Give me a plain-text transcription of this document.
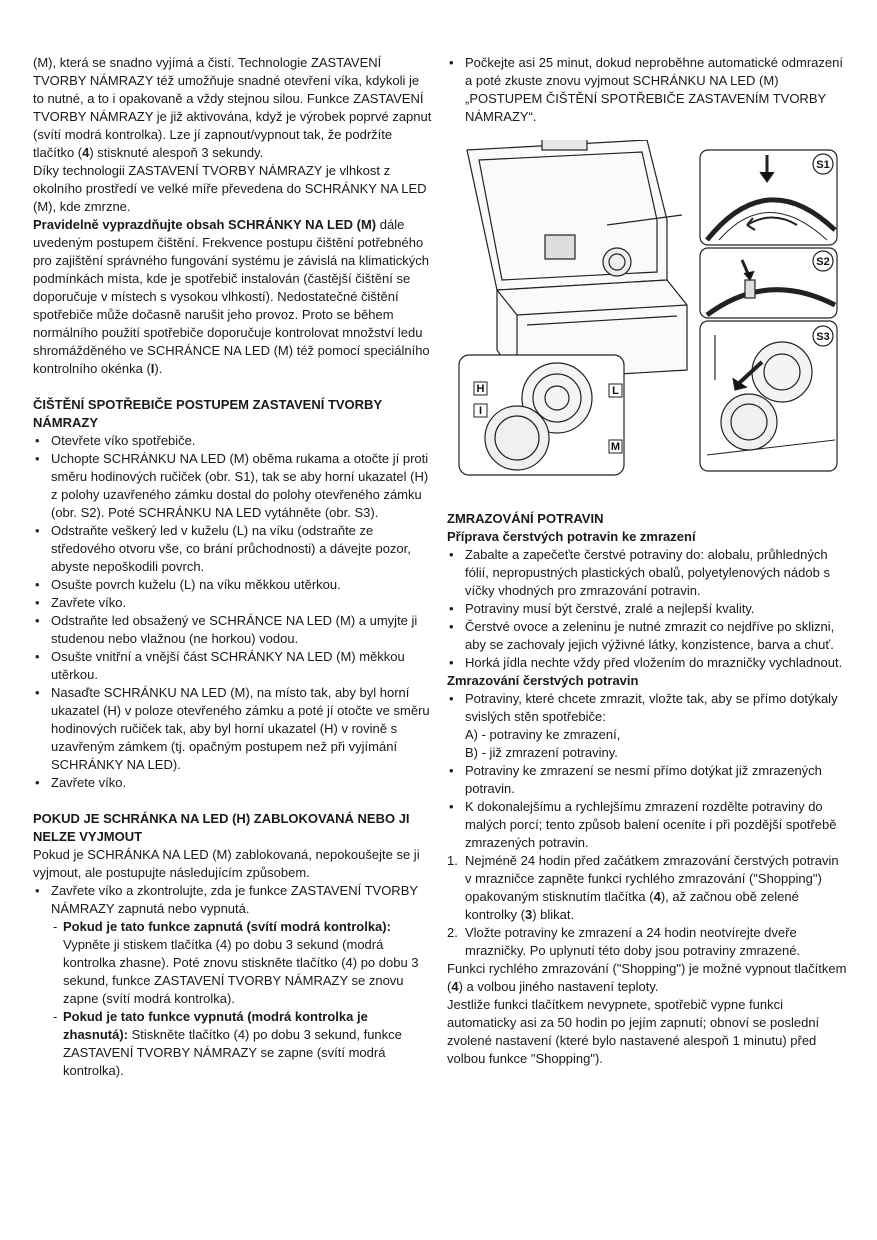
(M), která se snadno vyjímá a čistí. Technologie ZASTAVENÍ TVORBY NÁMRAZY též umožňuje snadné otevření víka, kdykoli je to nutné, a to i opakovaně a vždy stejnou silou. Funkce ZASTAVENÍ TVORBY NÁMRAZY je již aktivována, když je výrobek poprvé zapnut (svítí modrá kontrolka). Lze jí zapnout/vypnout tak, že podržíte tlačítko (4) stisknuté alespoň 3 sekundy.

Díky technologii ZASTAVENÍ TVORBY NÁMRAZY je vlhkost z okolního prostředí ve velké míře převedena do SCHRÁNKY NA LED (M), kde zmrzne.

Pravidelně vyprazdňujte obsah SCHRÁNKY NA LED (M) dále uvedeným postupem čištění. Frekvence postupu čištění potřebného pro zajištění správného fungování systému je závislá na klimatických podmínkách místa, kde je spotřebič instalován (častější čištění se doporučuje v místech s vysokou vlhkostí). Nedostatečné čištění spotřebiče může dočasně narušit jeho provoz. Proto se během normálního použití spotřebiče doporučuje kontrolovat množství ledu shromážděného ve SCHRÁNCE NA LED (M) též pomocí speciálního kontrolního okénka (I).

ČIŠTĚNÍ SPOTŘEBIČE POSTUPEM ZASTAVENÍ TVORBY NÁMRAZY

• Otevřete víko spotřebiče.
• Uchopte SCHRÁNKU NA LED (M) oběma rukama a otočte jí proti směru hodinových ručiček (obr. S1), tak se aby horní ukazatel (H) z polohy uzavřeného zámku dostal do polohy otevřeného zámku (obr. S2). Poté SCHRÁNKU NA LED vytáhněte (obr. S3).
• Odstraňte veškerý led v kuželu (L) na víku (odstraňte ze středového otvoru vše, co brání průchodnosti) a dávejte pozor, abyste nepoškodili povrch.
• Osušte povrch kuželu (L) na víku měkkou utěrkou.
• Zavřete víko.
• Odstraňte led obsažený ve SCHRÁNCE NA LED (M) a umyjte ji studenou nebo vlažnou (ne horkou) vodou.
• Osušte vnitřní a vnější část SCHRÁNKY NA LED (M) měkkou utěrkou.
• Nasaďte SCHRÁNKU NA LED (M), na místo tak, aby byl horní ukazatel (H) v poloze otevřeného zámku a poté jí otočte ve směru hodinových ručiček tak, aby byl horní ukazatel (H) v rovině s uzavřeným zámkem (tj. opačným postupem než při vyjímání SCHRÁNKY NA LED).
• Zavřete víko.

POKUD JE SCHRÁNKA NA LED (H) ZABLOKOVANÁ NEBO JI NELZE VYJMOUT

Pokud je SCHRÁNKA NA LED (M) zablokovaná, nepokoušejte se ji vyjmout, ale postupujte následujícím způsobem.

• Zavřete víko a zkontrolujte, zda je funkce ZASTAVENÍ TVORBY NÁMRAZY zapnutá nebo vypnutá.
- Pokud je tato funkce zapnutá (svítí modrá kontrolka): Vypněte ji stiskem tlačítka (4) po dobu 3 sekund (modrá kontrolka zhasne). Poté znovu stiskněte tlačítko (4) po dobu 3 sekund, funkce ZASTAVENÍ TVORBY NÁMRAZY se znovu zapne (svítí modrá kontrolka).
- Pokud je tato funkce vypnutá (modrá kontrolka je zhasnutá): Stiskněte tlačítko (4) po dobu 3 sekund, funkce ZASTAVENÍ TVORBY NÁMRAZY se zapne (svítí modrá kontrolka).
• Počkejte asi 25 minut, dokud neproběhne automatické odmrazení a poté zkuste znovu vyjmout SCHRÁNKU NA LED (M) „POSTUPEM ČIŠTĚNÍ SPOTŘEBIČE ZASTAVENÍM TVORBY NÁMRAZY“.
S1
S2
S3
H
I
L
M

ZMRAZOVÁNÍ POTRAVIN

Příprava čerstvých potravin ke zmrazení

• Zabalte a zapečeťte čerstvé potraviny do: alobalu, průhledných fólií, nepropustných plastických obalů, polyetylenových nádob s víčky vhodných pro zmrazování potravin.
• Potraviny musí být čerstvé, zralé a nejlepší kvality.
• Čerstvé ovoce a zeleninu je nutné zmrazit co nejdříve po sklizni, aby se zachovaly jejich výživné látky, konzistence, barva a chuť.
• Horká jídla nechte vždy před vložením do mrazničky vychladnout.

Zmrazování čerstvých potravin

• Potraviny, které chcete zmrazit, vložte tak, aby se přímo dotýkaly svislých stěn spotřebiče:
A) - potraviny ke zmrazení,
B) - již zmrazení potraviny.
• Potraviny ke zmrazení se nesmí přímo dotýkat již zmrazených potravin.
• K dokonalejšímu a rychlejšímu zmrazení rozdělte potraviny do malých porcí; tento způsob balení oceníte i při pozdější spotřebě zmrazených potravin.
1. Nejméně 24 hodin před začátkem zmrazování čerstvých potravin v mrazničce zapněte funkci rychlého zmrazování ("Shopping") opakovaným stisknutím tlačítka (4), až začnou obě zelené kontrolky (3) blikat.
2. Vložte potraviny ke zmrazení a 24 hodin neotvírejte dveře mrazničky. Po uplynutí této doby jsou potraviny zmrazené.

Funkci rychlého zmrazování ("Shopping") je možné vypnout tlačítkem (4) a volbou jiného nastavení teploty.

Jestliže funkci tlačítkem nevypnete, spotřebič vypne funkci automaticky asi za 50 hodin po jejím zapnutí; obnoví se poslední zvolené nastavení (které bylo nastavené alespoň 1 minutu) před volbou funkce "Shopping").
